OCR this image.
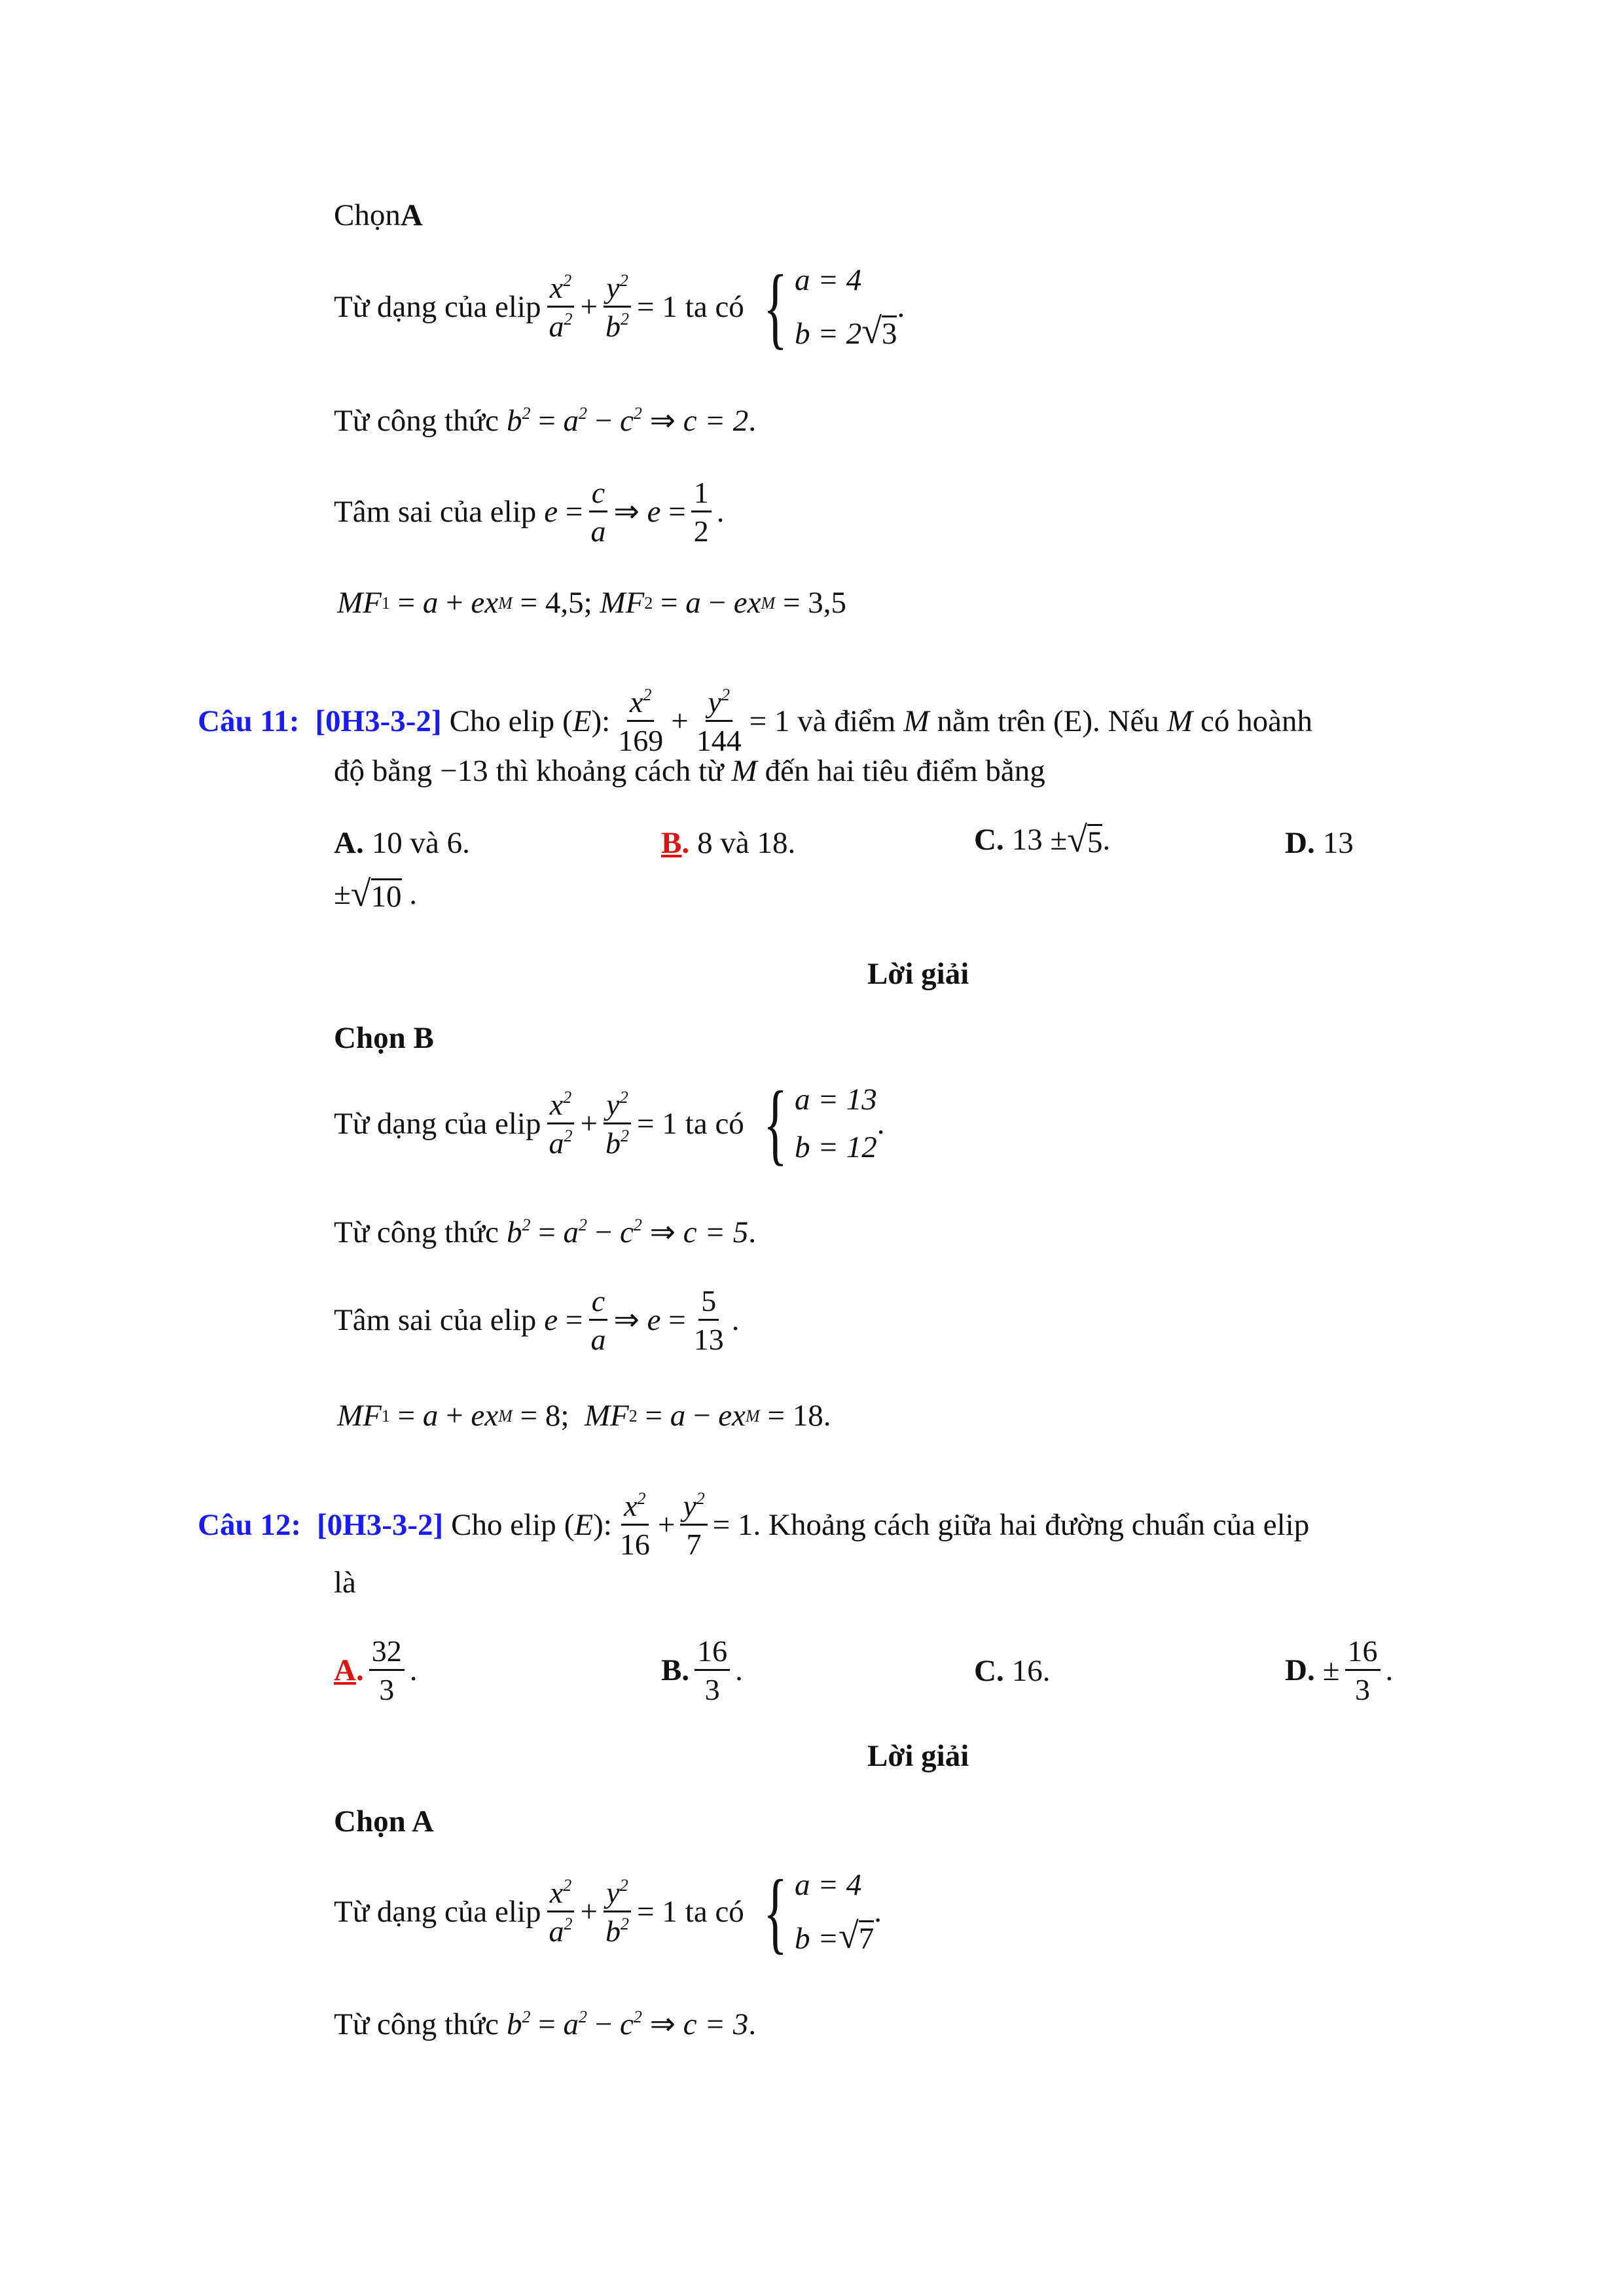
Chọn A
Từ dạng của elip $\frac{x^2}{a^2} + \frac{y^2}{b^2} = 1$ ta có { a = 4
b = 2 √ 3
.
Từ công thức $b^2 = a^2 - c^2$ ⇒ c = 2 .
Tâm sai của elip $e = \frac{c}{a}$ ⇒ $e = \frac{1}{2}$ .
MF 1 = a + ex M
= 4,5 ; MF 2 = a − ex M
= 3,5
Câu 11: [0H3-3-2] Cho elip ( E ): $\frac{x^2}{169} + \frac{y^2}{144} = 1$ và điểm M nằm trên (E). Nếu M có hoành
độ bằng −13 thì khoảng cách từ M đến hai tiêu điểm bằng
A. 10 và 6.	B . 8 và 18.	C. 13 ± √ 5 .	D. 13
± √ 10 .
Lời giải
Chọn B
Từ dạng của elip $\frac{x^2}{a^2} + \frac{y^2}{b^2} = 1$ ta có { a = 13
b = 12
.
Từ công thức $b^2 = a^2 - c^2$ ⇒ c = 5 .
Tâm sai của elip $e = \frac{c}{a}$ ⇒ $e = \frac{5}{13}$ .
MF 1 = a + ex M
= 8 ; MF 2 = a − ex M
= 18 .
Câu 12: [0H3-3-2] Cho elip ( E ): $\frac{x^2}{16} + \frac{y^2}{7} = 1$. Khoảng cách giữa hai đường chuẩn của elip
là
A . $\frac{32}{3}$ .	B. $\frac{16}{3}$ .	C. 16 .	D. ± $\frac{16}{3}$ .
Lời giải
Chọn A
Từ dạng của elip $\frac{x^2}{a^2} + \frac{y^2}{b^2} = 1$ ta có { a = 4
b = √ 7
.
Từ công thức $b^2 = a^2 - c^2$ ⇒ c = 3 .
